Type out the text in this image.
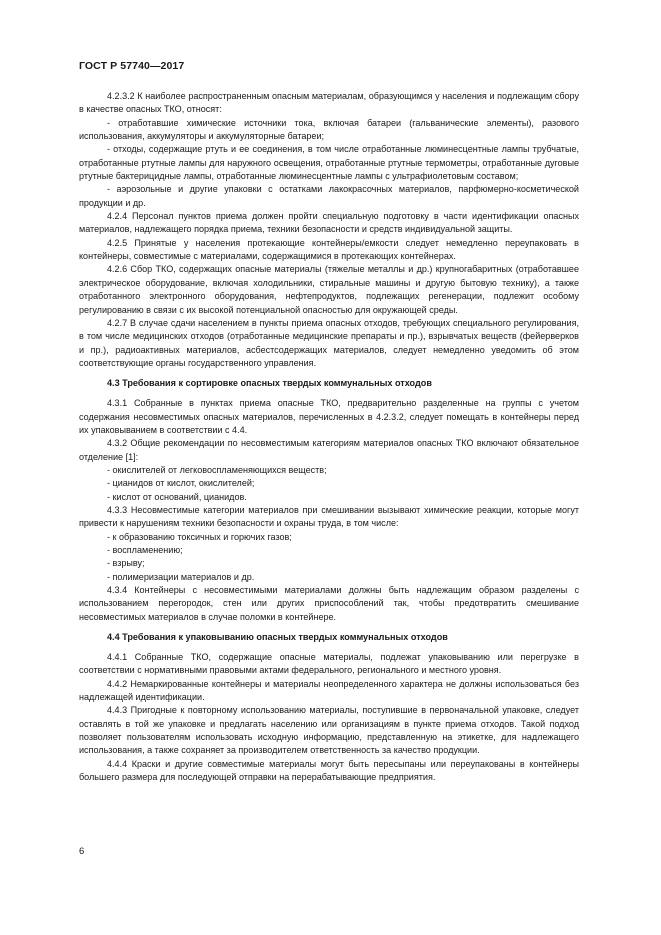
ГОСТ Р 57740—2017

4.2.3.2 К наиболее распространенным опасным материалам, образующимся у населения и подлежащим сбору в качестве опасных ТКО, относят:

- отработавшие химические источники тока, включая батареи (гальванические элементы), разового использования, аккумуляторы и аккумуляторные батареи;

- отходы, содержащие ртуть и ее соединения, в том числе отработанные люминесцентные лампы трубчатые, отработанные ртутные лампы для наружного освещения, отработанные ртутные термометры, отработанные дуговые ртутные бактерицидные лампы, отработанные люминесцентные лампы с ультрафиолетовым составом;

- аэрозольные и другие упаковки с остатками лакокрасочных материалов, парфюмерно-косметической продукции и др.

4.2.4 Персонал пунктов приема должен пройти специальную подготовку в части идентификации опасных материалов, надлежащего порядка приема, техники безопасности и средств индивидуальной защиты.

4.2.5 Принятые у населения протекающие контейнеры/емкости следует немедленно переупаковать в контейнеры, совместимые с материалами, содержащимися в протекающих контейнерах.

4.2.6 Сбор ТКО, содержащих опасные материалы (тяжелые металлы и др.) крупногабаритных (отработавшее электрическое оборудование, включая холодильники, стиральные машины и другую бытовую технику), а также отработанного электронного оборудования, нефтепродуктов, подлежащих регенерации, подлежит особому регулированию в связи с их высокой потенциальной опасностью для окружающей среды.

4.2.7 В случае сдачи населением в пункты приема опасных отходов, требующих специального регулирования, в том числе медицинских отходов (отработанные медицинские препараты и пр.), взрывчатых веществ (фейерверков и пр.), радиоактивных материалов, асбестсодержащих материалов, следует немедленно уведомить об этом соответствующие органы государственного управления.

4.3 Требования к сортировке опасных твердых коммунальных отходов

4.3.1 Собранные в пунктах приема опасные ТКО, предварительно разделенные на группы с учетом содержания несовместимых опасных материалов, перечисленных в 4.2.3.2, следует помещать в контейнеры перед их упаковыванием в соответствии с 4.4.

4.3.2 Общие рекомендации по несовместимым категориям материалов опасных ТКО включают обязательное отделение [1]:

- окислителей от легковоспламеняющихся веществ;

- цианидов от кислот, окислителей;

- кислот от оснований, цианидов.

4.3.3 Несовместимые категории материалов при смешивании вызывают химические реакции, которые могут привести к нарушениям техники безопасности и охраны труда, в том числе:

- к образованию токсичных и горючих газов;

- воспламенению;

- взрыву;

- полимеризации материалов и др.

4.3.4 Контейнеры с несовместимыми материалами должны быть надлежащим образом разделены с использованием перегородок, стен или других приспособлений так, чтобы предотвратить смешивание несовместимых материалов в случае поломки в контейнере.

4.4 Требования к упаковыванию опасных твердых коммунальных отходов

4.4.1 Собранные ТКО, содержащие опасные материалы, подлежат упаковыванию или перегрузке в соответствии с нормативными правовыми актами федерального, регионального и местного уровня.

4.4.2 Немаркированные контейнеры и материалы неопределенного характера не должны использоваться без надлежащей идентификации.

4.4.3 Пригодные к повторному использованию материалы, поступившие в первоначальной упаковке, следует оставлять в той же упаковке и предлагать населению или организациям в пункте приема отходов. Такой подход позволяет пользователям использовать исходную информацию, представленную на этикетке, для надлежащего использования, а также сохраняет за производителем ответственность за качество продукции.

4.4.4 Краски и другие совместимые материалы могут быть пересыпаны или переупакованы в контейнеры большего размера для последующей отправки на перерабатывающие предприятия.

6
